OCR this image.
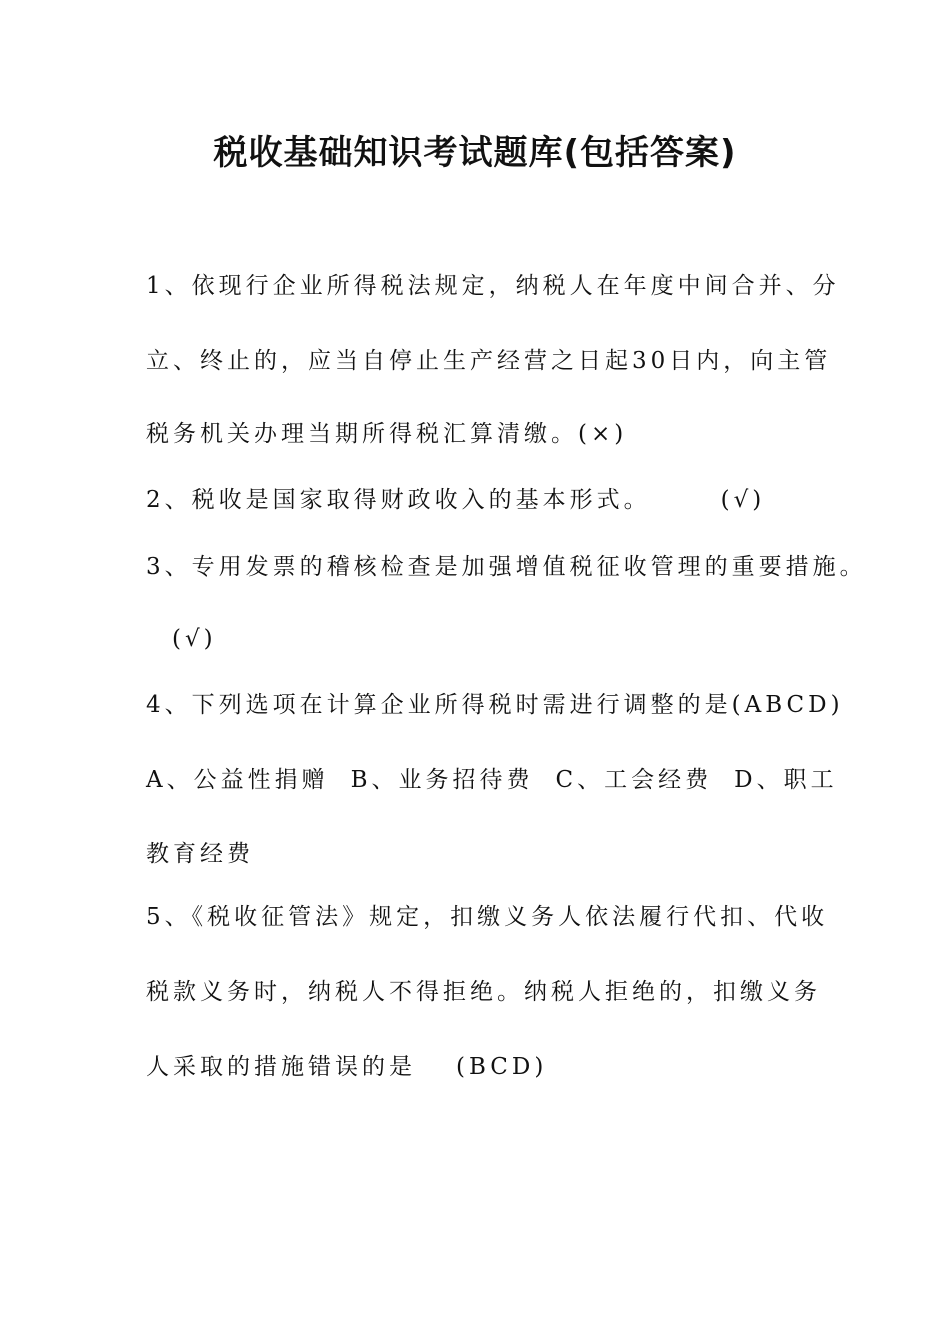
税收基础知识考试题库(包括答案)
1、依现行企业所得税法规定，纳税人在年度中间合并、分
立、终止的，应当自停止生产经营之日起30日内，向主管
税务机关办理当期所得税汇算清缴。(×)
2、税收是国家取得财政收入的基本形式。	(√)
3、专用发票的稽核检查是加强增值税征收管理的重要措施。
(√)
4、下列选项在计算企业所得税时需进行调整的是(ABCD)
A、公益性捐赠 B、业务招待费 C、工会经费 D、职工
教育经费
5、《税收征管法》规定，扣缴义务人依法履行代扣、代收
税款义务时，纳税人不得拒绝。纳税人拒绝的，扣缴义务
人采取的措施错误的是 (BCD)
